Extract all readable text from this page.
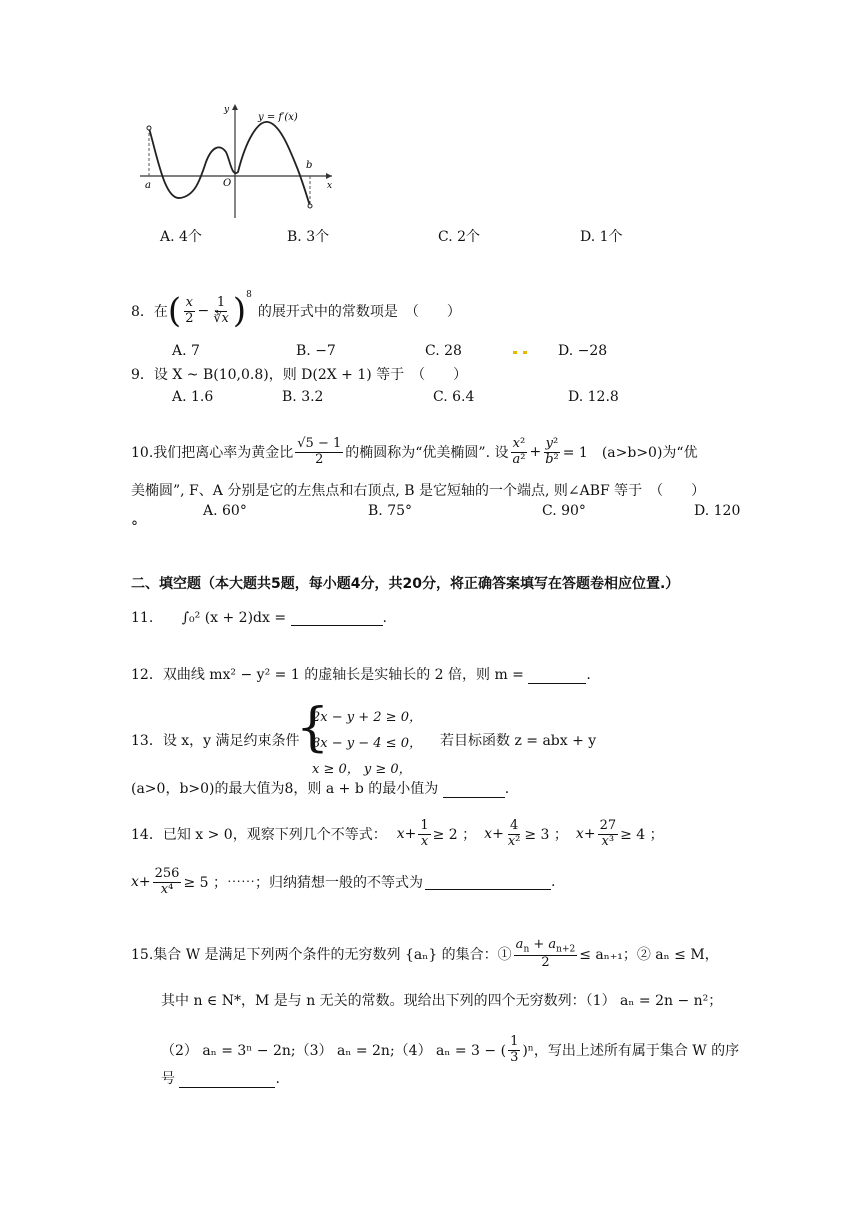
y = f′(x)
y
x
O
a
b
A. 4个	B. 3个	C. 2个	D. 1个
8．在 ( $\frac{x}{2} - \frac{1}{∛x} )^8$
的展开式中的常数项是　（　　）
A. 7	B. −7	C. 28	D. −28
9．设 X ~ B(10,0.8)，则 D(2X + 1) 等于　（　　）
A. 1.6	B. 3.2	C. 6.4	D. 12.8
10.我们把离心率为黄金比 $\frac{√5 - 1}{2}$ 的椭圆称为“优美椭圆”. 设 $\frac{\text{x²}}{\text{a²}} + \frac{\text{y²}}{\text{b²}} = 1$　(a>b>0)为“优
美椭圆”, F、A 分别是它的左焦点和右顶点, B 是它短轴的一个端点, 则∠ABF 等于　（　　）
A. 60°	B. 75°	C. 90°	D. 120
°
二、填空题（本大题共5题，每小题4分，共20分，将正确答案填写在答题卷相应位置.）
11. ∫₀² (x + 2)dx =	.
12．双曲线 mx² − y² = 1 的虚轴长是实轴长的 2 倍，则 m =	.
13．设 x，y 满足约束条件
{
2x − y + 2 ≥ 0，
8x − y − 4 ≤ 0，
x ≥ 0， y ≥ 0，
若目标函数 z = abx + y
(a>0，b>0)的最大值为8，则 a + b 的最小值为	.
14．已知 x > 0，观察下列几个不等式： $x + \frac{1}{x} \ge 2$ ； $x + \frac{4}{\text{x²}} \ge 3$ ； $x + \frac{27}{\text{x³}} \ge 4$ ；
$x + \frac{256}{\text{x⁴}} \ge 5$ ；⋯⋯；归纳猜想一般的不等式为	.
15.集合 W 是满足下列两个条件的无穷数列 {aₙ} 的集合：① $\frac{a_n + a_{n+2}}{2} \le a_{n+1}$；② aₙ ≤ M，
其中 n ∈ N*，M 是与 n 无关的常数。现给出下列的四个无穷数列：（1） aₙ = 2n − n²；
（2） aₙ = 3ⁿ − 2n;（3） aₙ = 2n;（4） aₙ = 3 − ( $\frac{1}{3} )^n$，写出上述所有属于集合 W 的序
号	.
